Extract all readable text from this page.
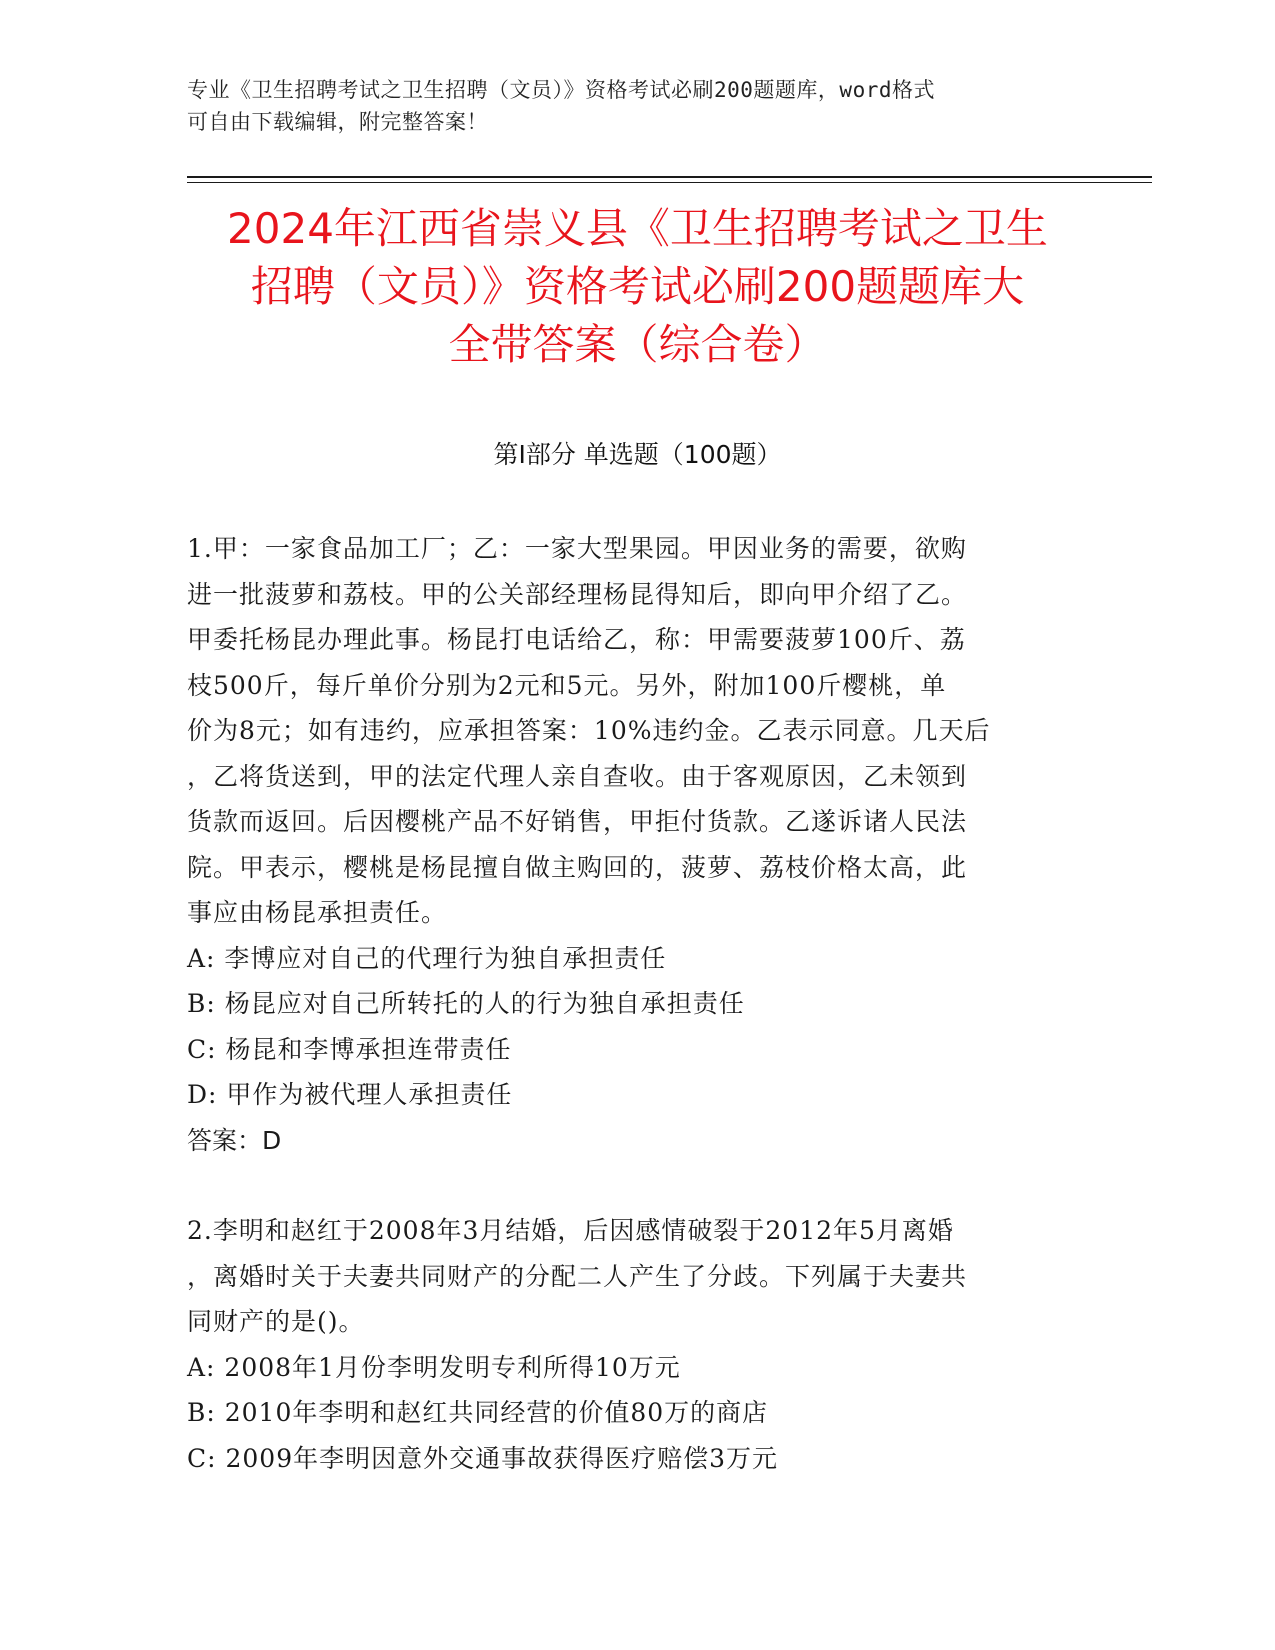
专业《卫生招聘考试之卫生招聘（文员）》资格考试必刷200题题库，word格式
可自由下载编辑，附完整答案！
2024年江西省崇义县《卫生招聘考试之卫生
招聘（文员）》资格考试必刷200题题库大
全带答案（综合卷）
第Ⅰ部分 单选题（100题）
1.甲：一家食品加工厂；乙：一家大型果园。甲因业务的需要，欲购
进一批菠萝和荔枝。甲的公关部经理杨昆得知后，即向甲介绍了乙。
甲委托杨昆办理此事。杨昆打电话给乙，称：甲需要菠萝100斤、荔
枝500斤，每斤单价分别为2元和5元。另外，附加100斤樱桃，单
价为8元；如有违约，应承担答案：10%违约金。乙表示同意。几天后
，乙将货送到，甲的法定代理人亲自查收。由于客观原因，乙未领到
货款而返回。后因樱桃产品不好销售，甲拒付货款。乙遂诉诸人民法
院。甲表示，樱桃是杨昆擅自做主购回的，菠萝、荔枝价格太高，此
事应由杨昆承担责任。
A: 李博应对自己的代理行为独自承担责任
B: 杨昆应对自己所转托的人的行为独自承担责任
C: 杨昆和李博承担连带责任
D: 甲作为被代理人承担责任
答案：D
2.李明和赵红于2008年3月结婚，后因感情破裂于2012年5月离婚
，离婚时关于夫妻共同财产的分配二人产生了分歧。下列属于夫妻共
同财产的是()。
A: 2008年1月份李明发明专利所得10万元
B: 2010年李明和赵红共同经营的价值80万的商店
C: 2009年李明因意外交通事故获得医疗赔偿3万元
